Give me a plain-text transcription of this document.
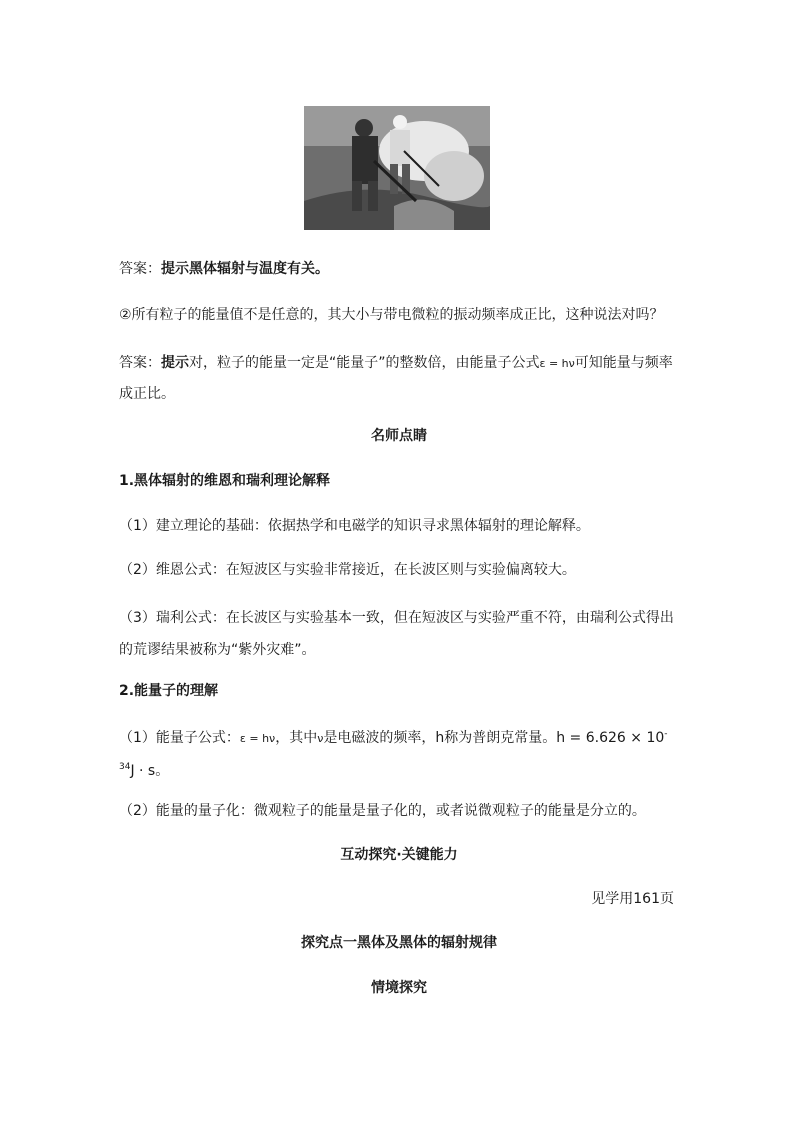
答案：提示黑体辐射与温度有关。
②所有粒子的能量值不是任意的，其大小与带电微粒的振动频率成正比，这种说法对吗？
答案：提示对，粒子的能量一定是“能量子”的整数倍，由能量子公式ε = hν可知能量与频率成正比。
名师点睛
1.黑体辐射的维恩和瑞利理论解释
（1）建立理论的基础：依据热学和电磁学的知识寻求黑体辐射的理论解释。
（2）维恩公式：在短波区与实验非常接近，在长波区则与实验偏离较大。
（3）瑞利公式：在长波区与实验基本一致，但在短波区与实验严重不符，由瑞利公式得出的荒谬结果被称为“紫外灾难”。
2.能量子的理解
（1）能量子公式：ε = hν，其中ν是电磁波的频率，h称为普朗克常量。$h = 6.626 \times 10^{-34}J \cdot s$。
（2）能量的量子化：微观粒子的能量是量子化的，或者说微观粒子的能量是分立的。
互动探究·关键能力
见学用161页
探究点一黑体及黑体的辐射规律
情境探究
